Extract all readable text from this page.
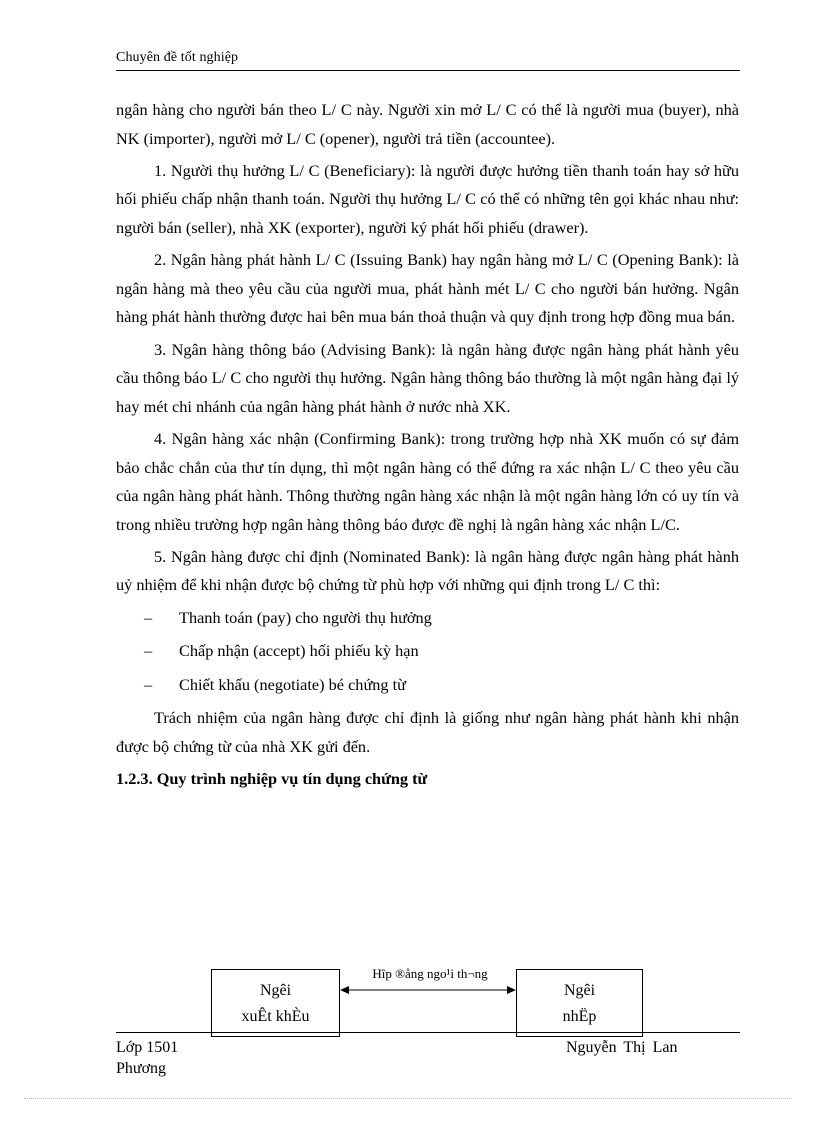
Chuyên đề tốt nghiệp

ngân hàng cho người bán theo L/ C này. Người xin mở L/ C có thể là người mua (buyer), nhà NK (importer), người mở L/ C (opener), người trả tiền (accountee).

1. Người thụ hưởng L/ C (Beneficiary): là người được hưởng tiền thanh toán hay sở hữu hối phiếu chấp nhận thanh toán. Người thụ hưởng L/ C có thể có những tên gọi khác nhau như: người bán (seller), nhà XK (exporter), người ký phát hối phiếu (drawer).

2. Ngân hàng phát hành L/ C (Issuing Bank) hay ngân hàng mở L/ C (Opening Bank): là ngân hàng mà theo yêu cầu của người mua, phát hành mét L/ C cho người bán hưởng. Ngân hàng phát hành thường được hai bên mua bán thoả thuận và quy định trong hợp đồng mua bán.

3. Ngân hàng thông báo (Advising Bank): là ngân hàng được ngân hàng phát hành yêu cầu thông báo L/ C cho người thụ hưởng. Ngân hàng thông báo thường là một ngân hàng đại lý hay mét chi nhánh của ngân hàng phát hành ở nước nhà XK.

4. Ngân hàng xác nhận (Confirming Bank): trong trường hợp nhà XK muốn có sự đảm bảo chắc chắn của thư tín dụng, thì một ngân hàng có thể đứng ra xác nhận L/ C theo yêu cầu của ngân hàng phát hành. Thông thường ngân hàng xác nhận là một ngân hàng lớn có uy tín và trong nhiều trường hợp ngân hàng thông báo được đề nghị là ngân hàng xác nhận L/C.

5. Ngân hàng được chỉ định (Nominated Bank): là ngân hàng được ngân hàng phát hành uỷ nhiệm để khi nhận được bộ chứng từ phù hợp với những qui định trong L/ C thì:

–	Thanh toán (pay) cho người thụ hưởng
–	Chấp nhận (accept) hối phiếu kỳ hạn
–	Chiết khấu (negotiate) bé chứng từ

Trách nhiệm của ngân hàng được chỉ định là giống như ngân hàng phát hành khi nhận được bộ chứng từ của nhà XK gửi đến.

1.2.3. Quy trình nghiệp vụ tín dụng chứng từ
Ngêi
xuÊt khÈu
Ngêi
nhËp
Hîp ®ång ngo¹i th¬ng
Lớp 1501
Phương
Nguyễn Thị Lan
